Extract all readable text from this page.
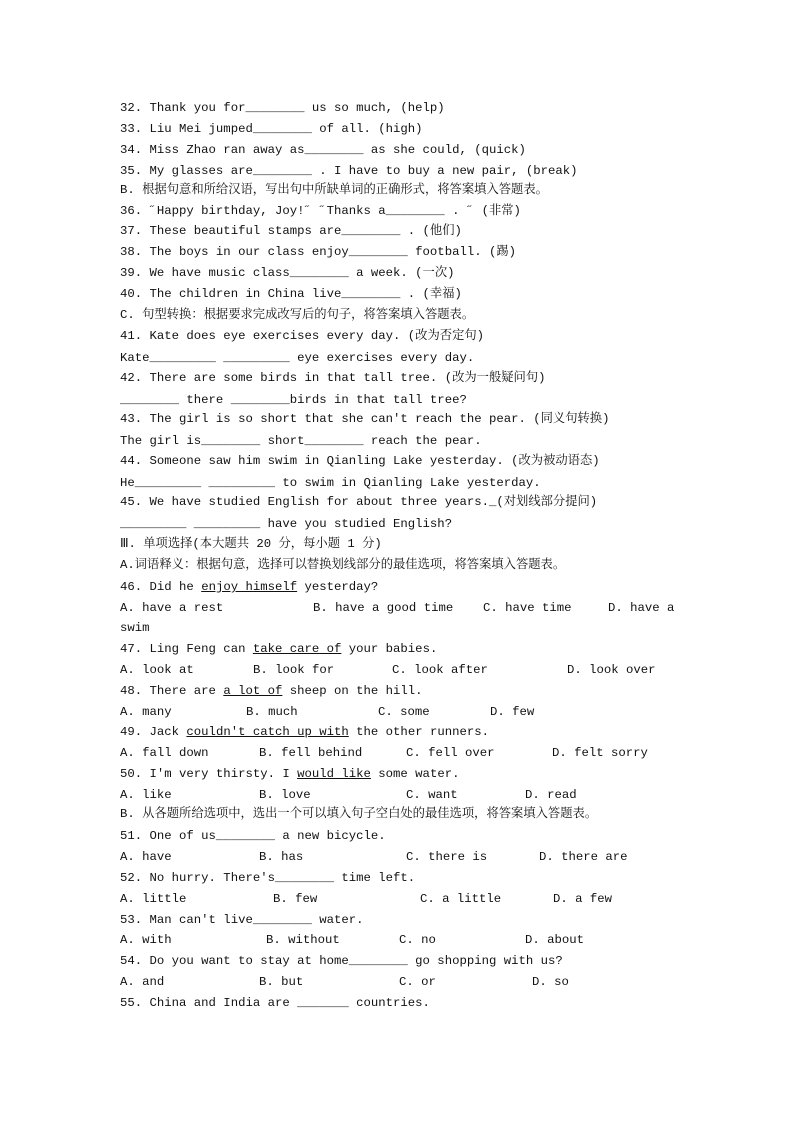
32. Thank you for________ us so much, (help)
33. Liu Mei jumped________ of all. (high)
34. Miss Zhao ran away as________ as she could, (quick)
35. My glasses are________ . I have to buy a new pair, (break)
B. 根据句意和所给汉语，写出句中所缺单词的正确形式，将答案填入答题表。
36. ˝Happy birthday, Joy!˝ ˝Thanks a________ . ˝ (非常)
37. These beautiful stamps are________ . (他们)
38. The boys in our class enjoy________ football. (踢)
39. We have music class________ a week. (一次)
40. The children in China live________ . (幸福)
C. 句型转换：根据要求完成改写后的句子，将答案填入答题表。
41. Kate does eye exercises every day. (改为否定句)
Kate_________ _________ eye exercises every day.
42. There are some birds in that tall tree. (改为一般疑问句)
________ there ________birds in that tall tree?
43. The girl is so short that she can't reach the pear. (同义句转换)
The girl is________ short________ reach the pear.
44. Someone saw him swim in Qianling Lake yesterday. (改为被动语态)
He_________ _________ to swim in Qianling Lake yesterday.
45. We have studied English for about three years._(对划线部分提问)
_________ _________ have you studied English?
Ⅲ. 单项选择(本大题共 20 分，每小题 1 分)
A.词语释义：根据句意，选择可以替换划线部分的最佳选项，将答案填入答题表。
46. Did he enjoy himself yesterday?

A. have a rest

	B. have a good time

C. have time

	D. have a

swim
47. Ling Feng can take care of your babies.

A. look at

	B. look for

	C. look after

	D. look over

48. There are a lot of sheep on the hill.

A. many

	B. much

	C. some

	D. few

49. Jack couldn't catch up with the other runners.

A. fall down

	B. fell behind

	C. fell over

	D. felt sorry

50. I'm very thirsty. I would like some water.

A. like

	B. love

	C. want

	D. read

B. 从各题所给选项中，选出一个可以填入句子空白处的最佳选项，将答案填入答题表。
51. One of us________ a new bicycle.

A. have

	B. has

	C. there is

	D. there are

52. No hurry. There's________ time left.

A. little

	B. few

	C. a little

	D. a few

53. Man can't live________ water.

A. with

	B. without

	C. no

	D. about

54. Do you want to stay at home________ go shopping with us?

A. and

	B. but

	C. or

	D. so

55. China and India are _______ countries.
